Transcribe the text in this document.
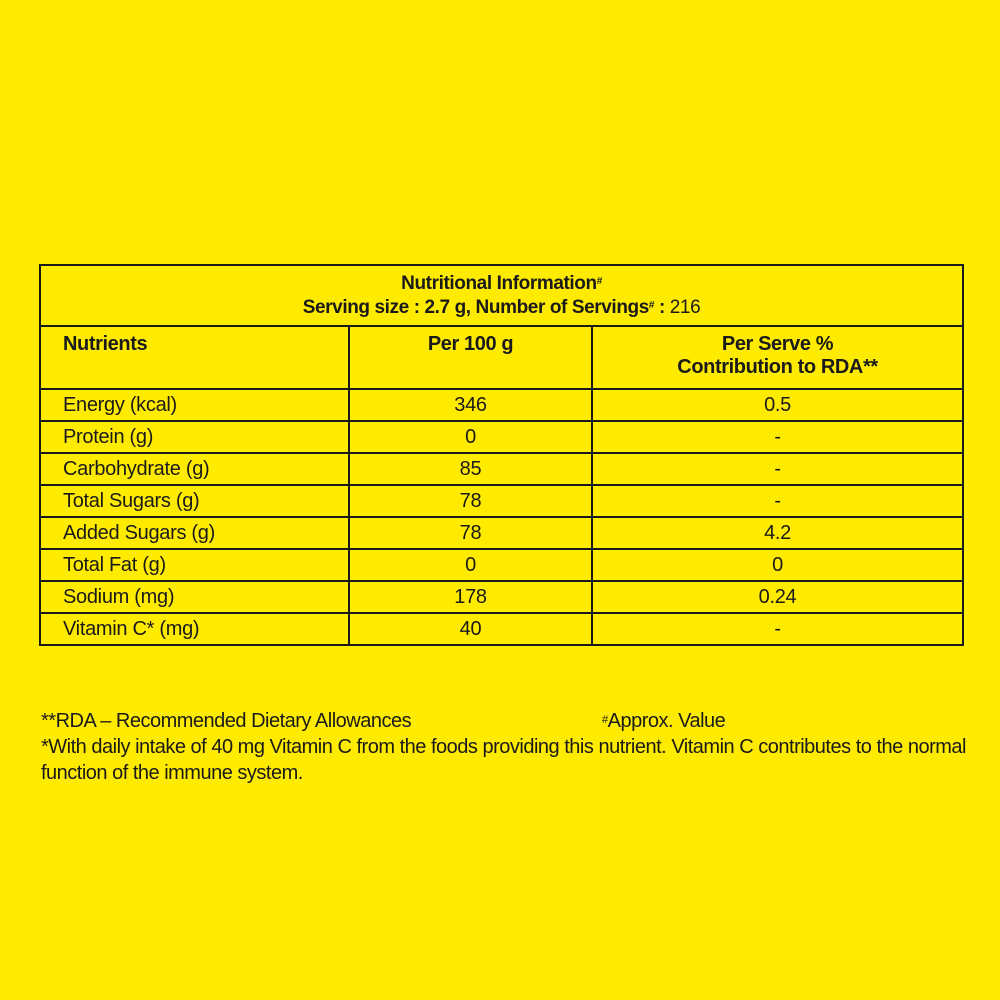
Nutritional Information#
Serving size : 2.7 g, Number of Servings# : 216		

Nutrients	Per 100 g	Per Serve %
Contribution to RDA**

Energy (kcal)	346	0.5
Protein (g)	0	-
Carbohydrate (g)	85	-
Total Sugars (g)	78	-
Added Sugars (g)	78	4.2
Total Fat (g)	0	0
Sodium (mg)	178	0.24
Vitamin C* (mg)	40	-
**RDA – Recommended Dietary Allowances	#Approx. Value

*With daily intake of 40 mg Vitamin C from the foods providing this nutrient. Vitamin C contributes to the normal function of the immune system.
